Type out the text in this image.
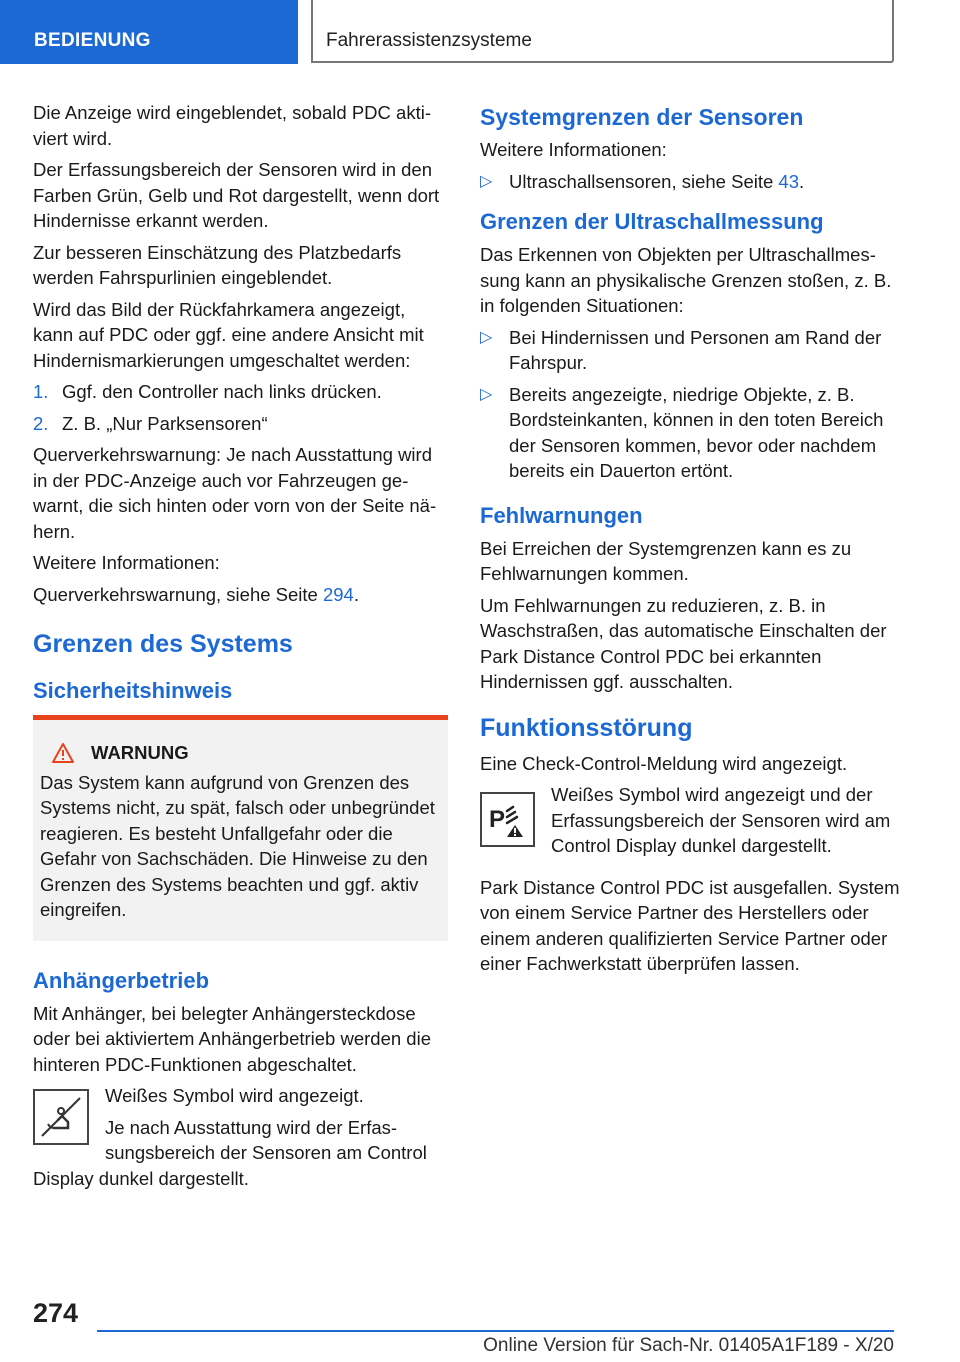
BEDIENUNG	Fahrerassistenzsysteme

Die Anzeige wird eingeblendet, sobald PDC aktiviert wird.

Der Erfassungsbereich der Sensoren wird in den Farben Grün, Gelb und Rot dargestellt, wenn dort Hindernisse erkannt werden.

Zur besseren Einschätzung des Platzbedarfs werden Fahrspurlinien eingeblendet.

Wird das Bild der Rückfahrkamera angezeigt, kann auf PDC oder ggf. eine andere Ansicht mit Hindernismarkierungen umgeschaltet werden:

1. Ggf. den Controller nach links drücken.
2. Z. B. „Nur Parksensoren“

Querverkehrswarnung: Je nach Ausstattung wird in der PDC-Anzeige auch vor Fahrzeugen gewarnt, die sich hinten oder vorn von der Seite nähern.

Weitere Informationen:

Querverkehrswarnung, siehe Seite 294.

Grenzen des Systems
Sicherheitshinweis
WARNUNG
Das System kann aufgrund von Grenzen des Systems nicht, zu spät, falsch oder unbegründet reagieren. Es besteht Unfallgefahr oder die Gefahr von Sachschäden. Die Hinweise zu den Grenzen des Systems beachten und ggf. aktiv eingreifen.
Anhängerbetrieb

Mit Anhänger, bei belegter Anhängersteckdose oder bei aktiviertem Anhängerbetrieb werden die hinteren PDC-Funktionen abgeschaltet.

Weißes Symbol wird angezeigt.

Je nach Ausstattung wird der Erfassungsbereich der Sensoren am Control Display dunkel dargestellt.

Systemgrenzen der Sensoren

Weitere Informationen:

▷ Ultraschallsensoren, siehe Seite 43.
Grenzen der Ultraschallmessung

Das Erkennen von Objekten per Ultraschallmessung kann an physikalische Grenzen stoßen, z. B. in folgenden Situationen:

▷ Bei Hindernissen und Personen am Rand der Fahrspur.
▷ Bereits angezeigte, niedrige Objekte, z. B. Bordsteinkanten, können in den toten Bereich der Sensoren kommen, bevor oder nachdem bereits ein Dauerton ertönt.
Fehlwarnungen

Bei Erreichen der Systemgrenzen kann es zu Fehlwarnungen kommen.

Um Fehlwarnungen zu reduzieren, z. B. in Waschstraßen, das automatische Einschalten der Park Distance Control PDC bei erkannten Hindernissen ggf. ausschalten.

Funktionsstörung

Eine Check-Control-Meldung wird angezeigt.

P

Weißes Symbol wird angezeigt und der Erfassungsbereich der Sensoren wird am Control Display dunkel dargestellt.

Park Distance Control PDC ist ausgefallen. System von einem Service Partner des Herstellers oder einem anderen qualifizierten Service Partner oder einer Fachwerkstatt überprüfen lassen.

274
Online Version für Sach-Nr. 01405A1F189 - X/20
